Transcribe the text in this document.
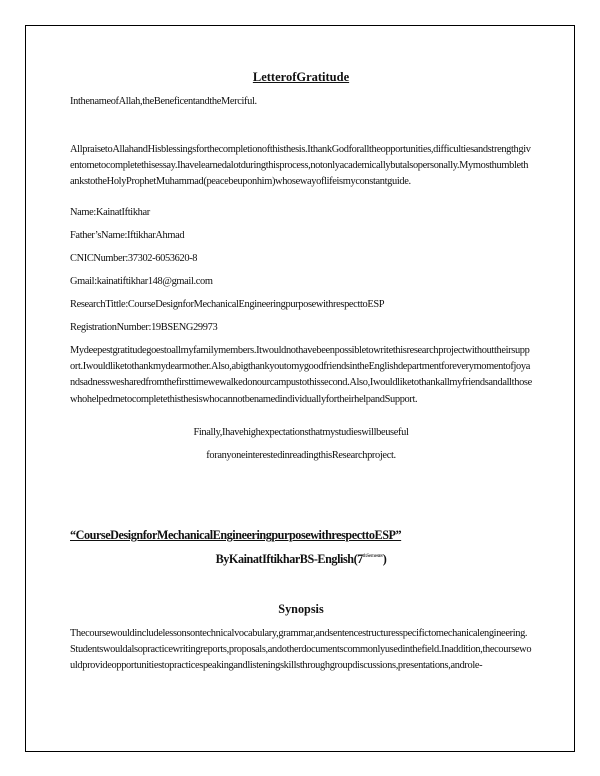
LetterofGratitude
InthenameofAllah,theBeneficentandtheMerciful.
AllpraisetoAllahandHisblessingsforthecompletionofthisthesis.IthankGodforalltheopportunities,difficultiesandstrengthgiventometocompletethisessay.Ihavelearnedalotduringthisprocess,notonlyacademicallybutalsopersonally.MymosthumblethankstotheHolyProphetMuhammad(peacebeuponhim)whosewayoflifeismyconstantguide.
Name:KainatIftikhar
Father’sName:IftikharAhmad
CNICNumber:37302-6053620-8
Gmail:kainatiftikhar148@gmail.com
ResearchTittle:CourseDesignforMechanicalEngineeringpurposewithrespecttoESP
RegistrationNumber:19BSENG29973
Mydeepestgratitudegoestoallmyfamilymembers.Itwouldnothavebeenpossibletowritethisresearchprojectwithouttheirsupport.Iwouldliketothankmydearmother.Also,abigthankyoutomygoodfriendsintheEnglishdepartmentforeverymomentofjoyandsadnesswesharedfromthefirsttimewewalkedonourcampustothissecond.Also,IwouldliketothankallmyfriendsandallthosewhohelpedmetocompletethisthesiswhocannotbenamedindividuallyfortheirhelpandSupport.
Finally,Ihavehighexpectationsthatmystudieswillbeuseful
foranyoneinterestedinreadingthisResearchproject.
“CourseDesignforMechanicalEngineeringpurposewithrespecttoESP”
ByKainatIftikharBS-$English(7^{thSemester})$
Synopsis
Thecoursewouldincludelessonsontechnicalvocabulary,grammar,andsentencestructuresspecifictomechanicalengineering.Studentswouldalsopracticewritingreports,proposals,andotherdocumentscommonlyusedinthefield.Inaddition,thecoursewouldprovideopportunitiestopracticespeakingandlisteningskillsthroughgroupdiscussions,presentations,androle-
